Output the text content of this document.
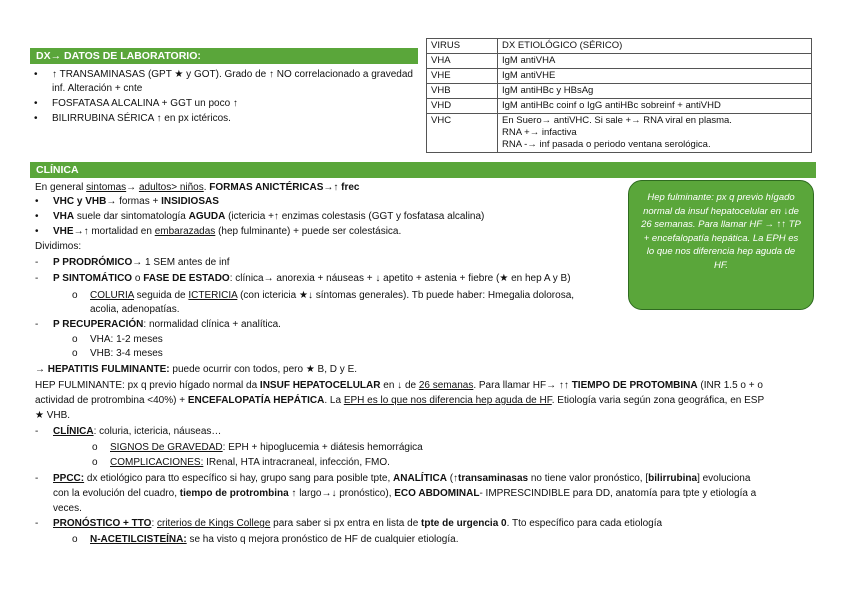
DX→ DATOS DE LABORATORIO:
• ↑ TRANSAMINASAS (GPT ★ y GOT). Grado de ↑ NO correlacionado a gravedad inf. Alteración + cnte
• FOSFATASA ALCALINA + GGT un poco ↑
• BILIRRUBINA SÉRICA ↑ en px ictéricos.
VIRUS	DX ETIOLÓGICO (SÉRICO)
VHA	IgM antiVHA
VHE	IgM antiVHE
VHB	IgM antiHBc y HBsAg
VHD	IgM antiHBc coinf o IgG antiHBc sobreinf + antiVHD
VHC	En Suero→ antiVHC. Si sale +→ RNA viral en plasma.
RNA +→ infactiva
RNA -→ inf pasada o periodo ventana serológica.
CLÍNICA
Hep fulminante: px q previo hígado normal da insuf hepatocelular en ↓de 26 semanas. Para llamar HF → ↑↑ TP + encefalopatía hepática. La EPH es lo que nos diferencia hep aguda de HF.
En general sintomas→ adultos> niños. FORMAS ANICTÉRICAS→↑ frec
• VHC y VHB→ formas + INSIDIOSAS
• VHA suele dar sintomatología AGUDA (ictericia +↑ enzimas colestasis (GGT y fosfatasa alcalina)
• VHE→↑ mortalidad en embarazadas (hep fulminante) + puede ser colestásica.
Dividimos:
- P PRODRÓMICO→ 1 SEM antes de inf
- P SINTOMÁTICO o FASE DE ESTADO: clínica→ anorexia + náuseas + ↓ apetito + astenia + fiebre (★ en hep A y B)
o COLURIA seguida de ICTERICIA (con ictericia ★↓ síntomas generales). Tb puede haber: Hmegalia dolorosa,
acolia, adenopatías.
- P RECUPERACIÓN: normalidad clínica + analítica.
o VHA: 1-2 meses
o VHB: 3-4 meses
→ HEPATITIS FULMINANTE: puede ocurrir con todos, pero ★ B, D y E.
HEP FULMINANTE: px q previo hígado normal da INSUF HEPATOCELULAR en ↓ de 26 semanas. Para llamar HF→ ↑↑ TIEMPO DE PROTOMBINA (INR 1.5 o + o
actividad de protrombina <40%) + ENCEFALOPATÍA HEPÁTICA. La EPH es lo que nos diferencia hep aguda de HF. Etiología varia según zona geográfica, en ESP
★ VHB.
- CLÍNICA: coluria, ictericia, náuseas…
o SIGNOS De GRAVEDAD: EPH + hipoglucemia + diátesis hemorrágica
o COMPLICACIONES: IRenal, HTA intracraneal, infección, FMO.
- PPCC: dx etiológico para tto específico si hay, grupo sang para posible tpte, ANALÍTICA (↑transaminasas no tiene valor pronóstico, [bilirrubina] evoluciona
con la evolución del cuadro, tiempo de protrombina ↑ largo→↓ pronóstico), ECO ABDOMINAL- IMPRESCINDIBLE para DD, anatomía para tpte y etiología a
veces.
- PRONÓSTICO + TTO: criterios de Kings College para saber si px entra en lista de tpte de urgencia 0. Tto específico para cada etiología
o N-ACETILCISTEÍNA: se ha visto q mejora pronóstico de HF de cualquier etiología.
